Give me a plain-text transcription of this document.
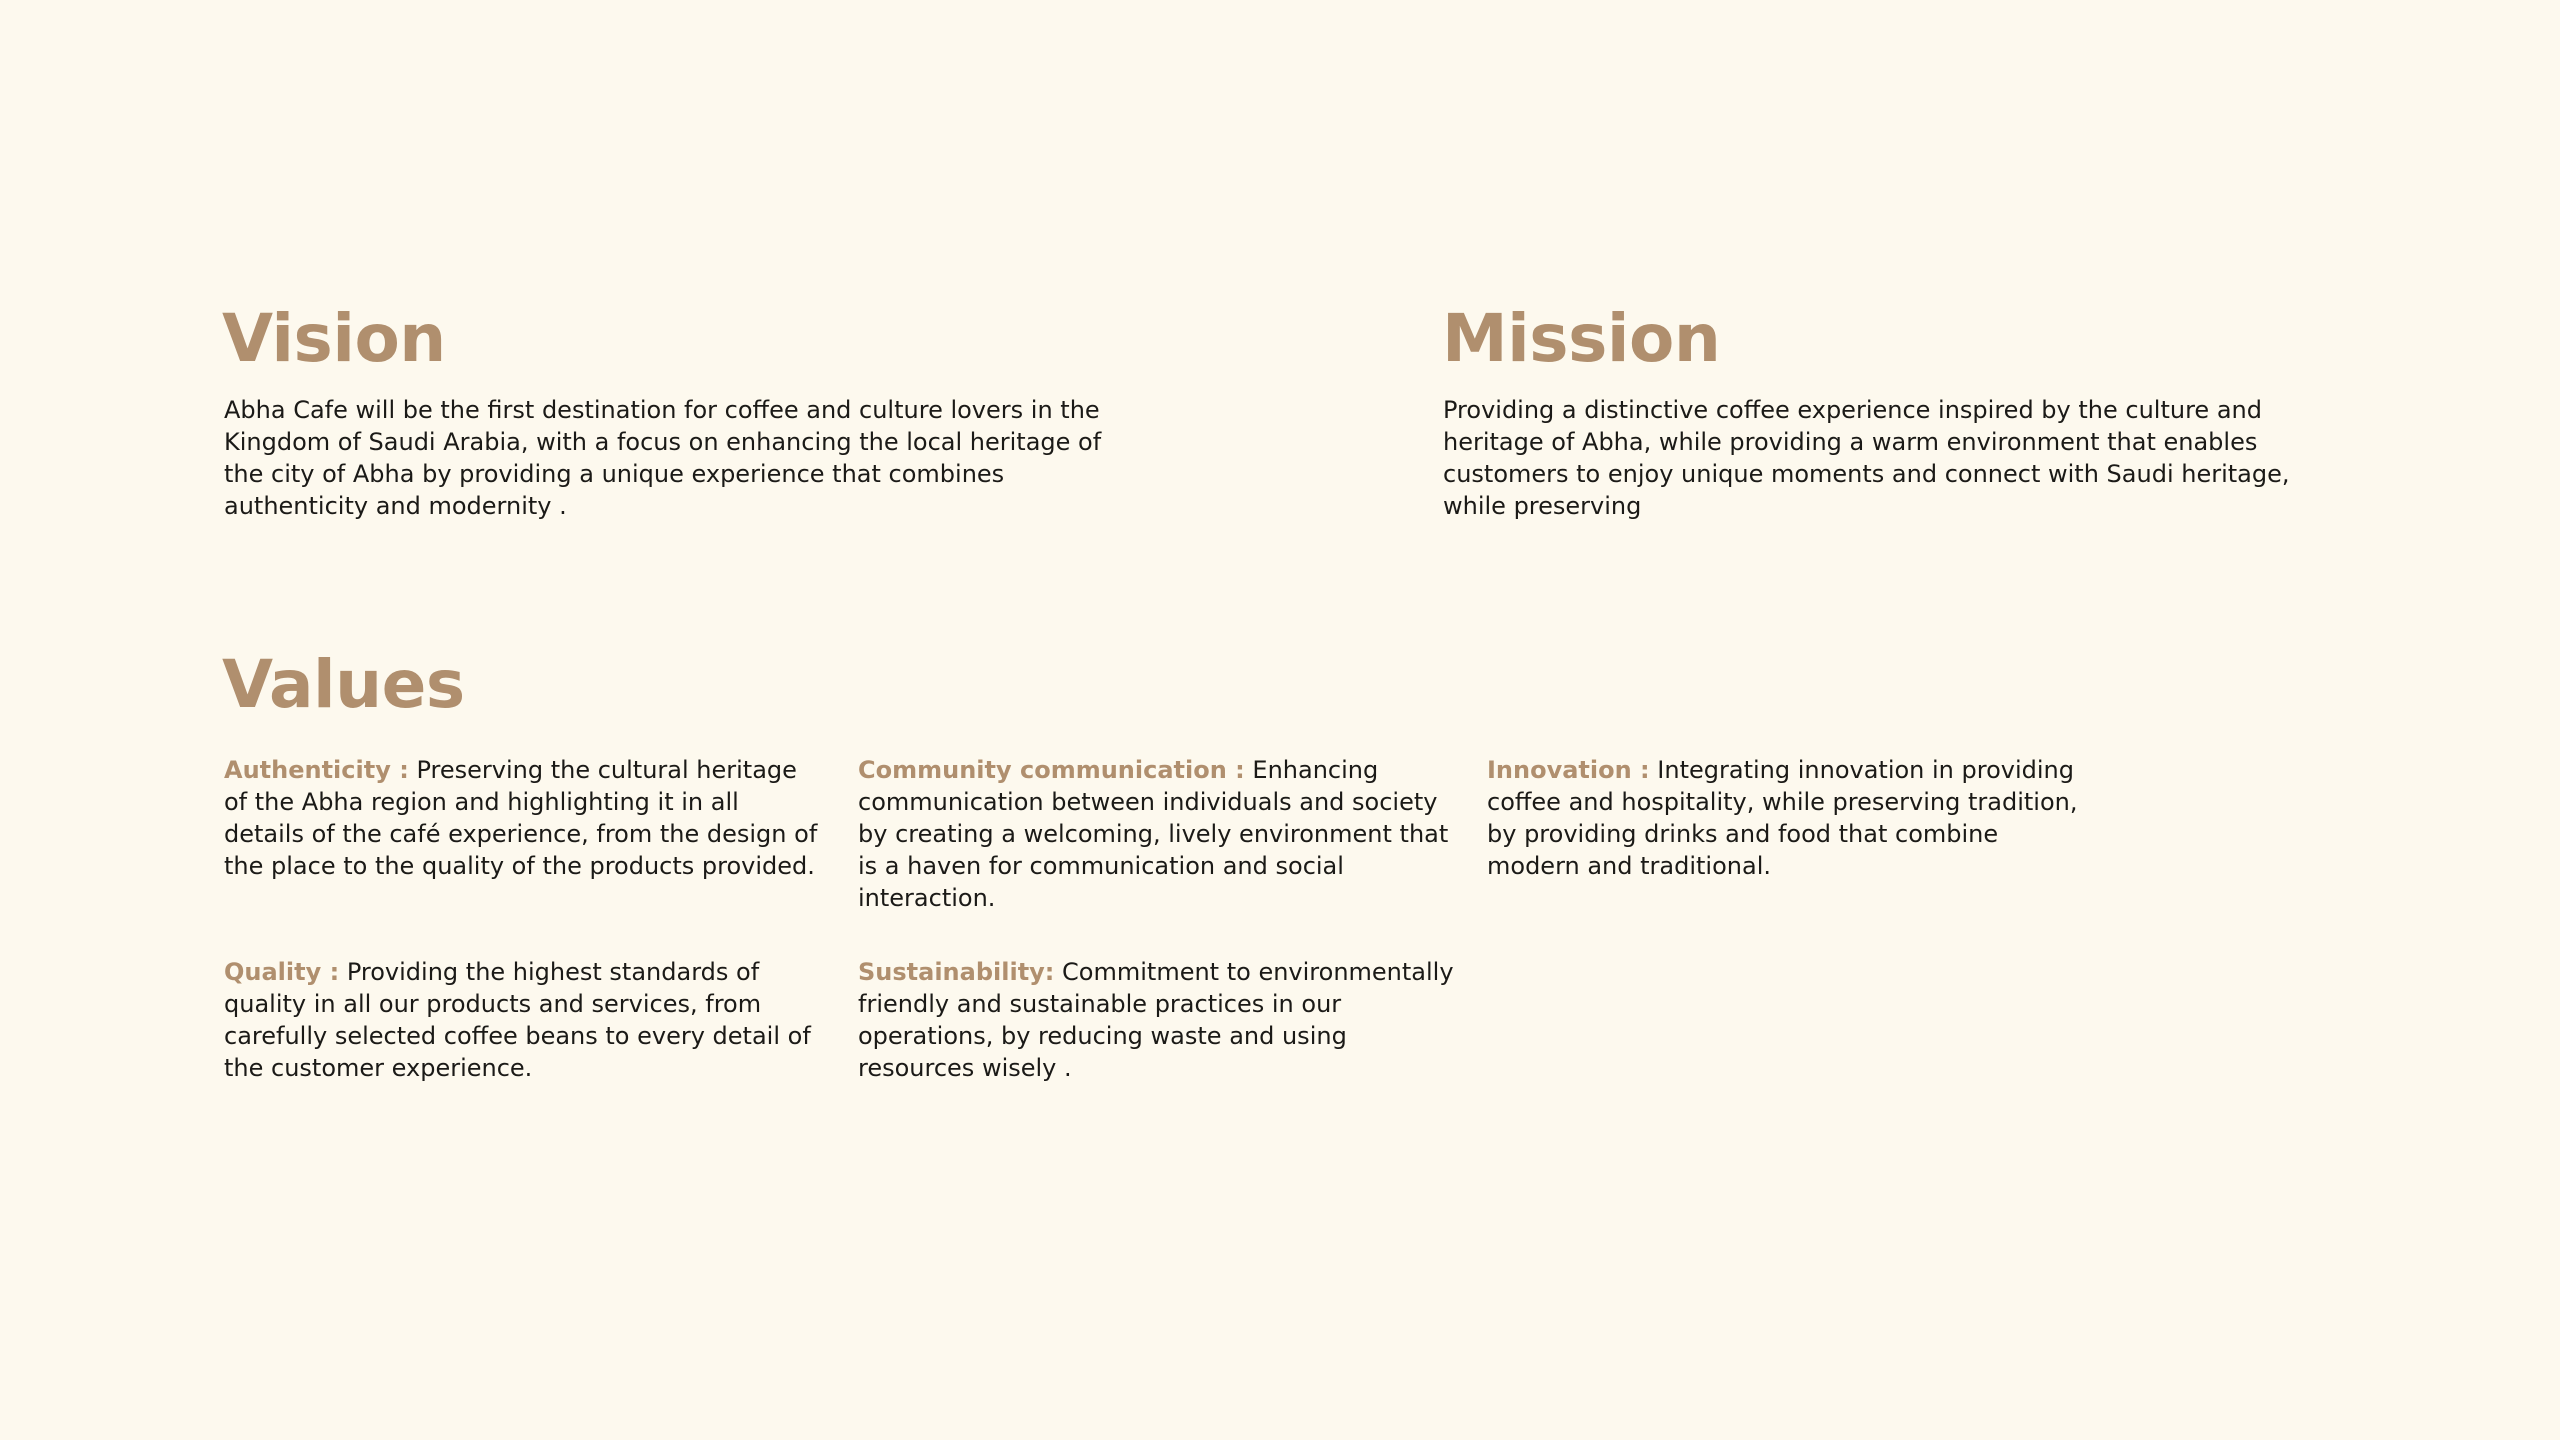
Vision

Abha Cafe will be the first destination for coffee and culture lovers in the Kingdom of Saudi Arabia, with a focus on enhancing the local heritage of the city of Abha by providing a unique experience that combines authenticity and modernity .

Mission

Providing a distinctive coffee experience inspired by the culture and heritage of Abha, while providing a warm environment that enables customers to enjoy unique moments and connect with Saudi heritage, while preserving

Values

Authenticity : Preserving the cultural heritage of the Abha region and highlighting it in all details of the café experience, from the design of the place to the quality of the products provided.

Community communication : Enhancing communication between individuals and society by creating a welcoming, lively environment that is a haven for communication and social interaction.

Innovation : Integrating innovation in providing coffee and hospitality, while preserving tradition, by providing drinks and food that combine modern and traditional.

Quality : Providing the highest standards of quality in all our products and services, from carefully selected coffee beans to every detail of the customer experience.

Sustainability: Commitment to environmentally friendly and sustainable practices in our operations, by reducing waste and using resources wisely .
